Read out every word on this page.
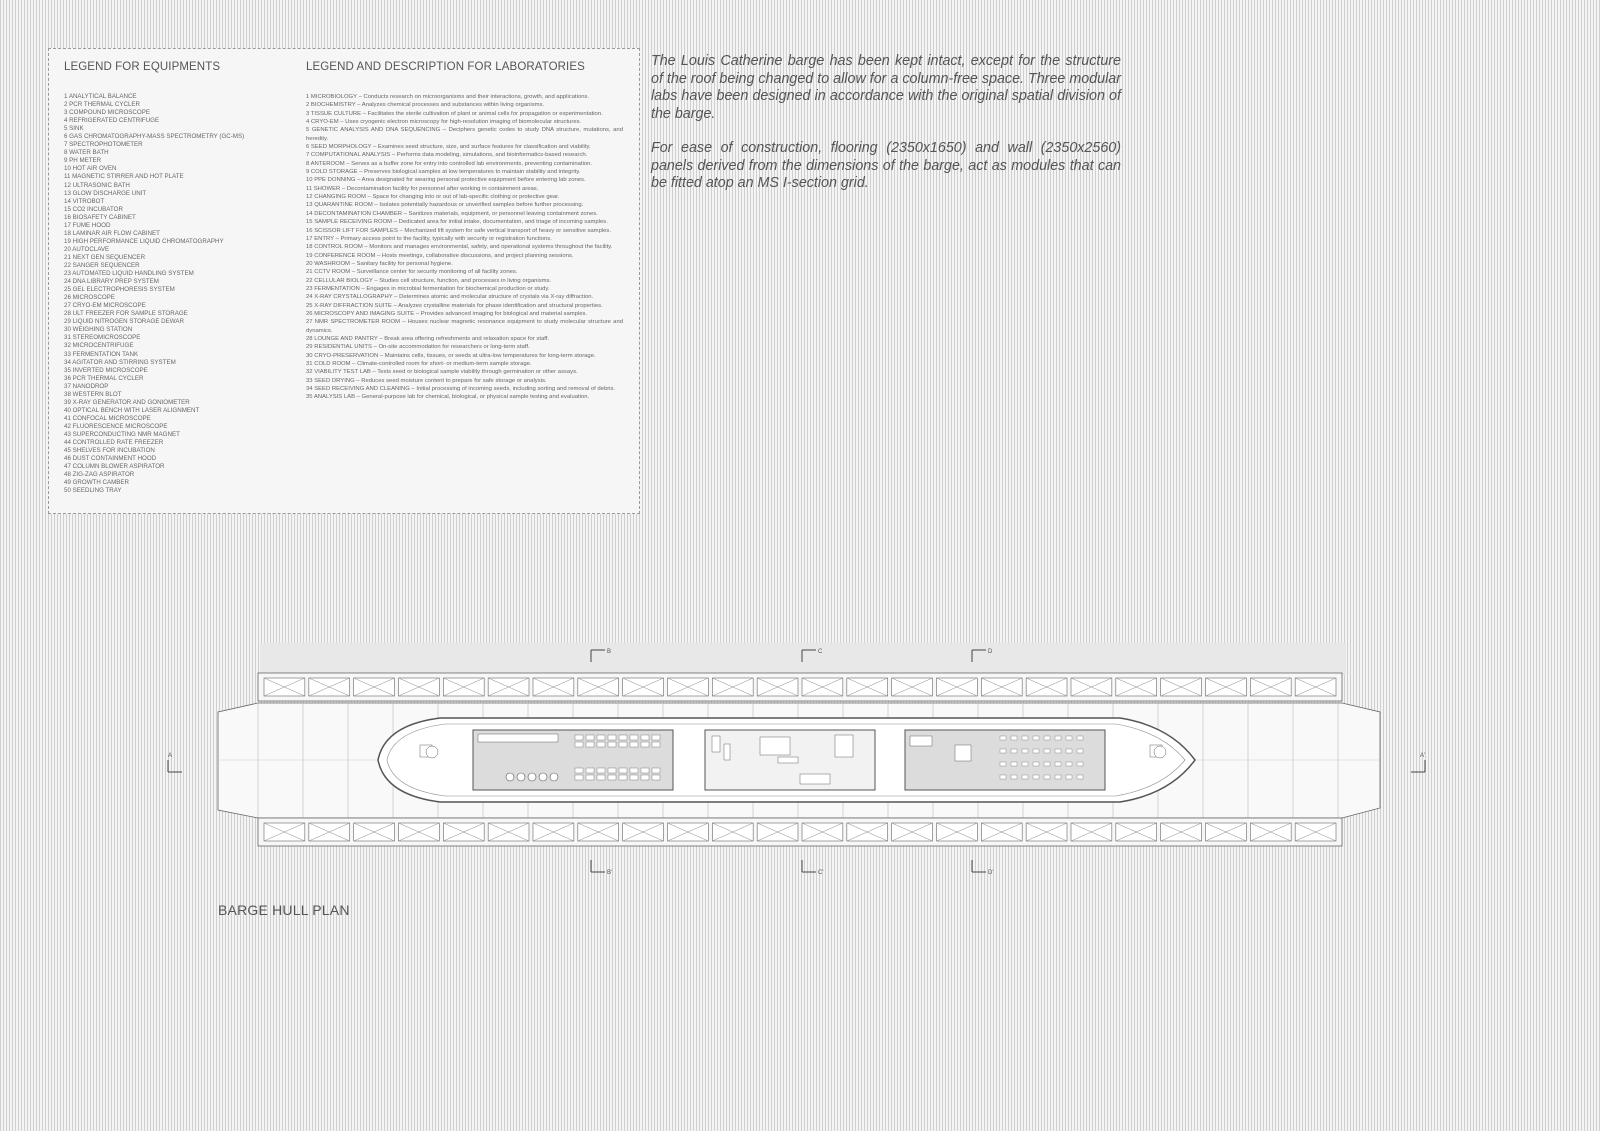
LEGEND FOR EQUIPMENTS
1 ANALYTICAL BALANCE
2 PCR THERMAL CYCLER
3 COMPOUND MICROSCOPE
4 REFRIGERATED CENTRIFUGE
5 SINK
6 GAS CHROMATOGRAPHY-MASS SPECTROMETRY (GC-MS)
7 SPECTROPHOTOMETER
8 WATER BATH
9 PH METER
10 HOT AIR OVEN
11 MAGNETIC STIRRER AND HOT PLATE
12 ULTRASONIC BATH
13 GLOW DISCHARGE UNIT
14 VITROBOT
15 CO2 INCUBATOR
16 BIOSAFETY CABINET
17 FUME HOOD
18 LAMINAR AIR FLOW CABINET
19 HIGH PERFORMANCE LIQUID CHROMATOGRAPHY
20 AUTOCLAVE
21 NEXT GEN SEQUENCER
22 SANGER SEQUENCER
23 AUTOMATED LIQUID HANDLING SYSTEM
24 DNA LIBRARY PREP SYSTEM
25 GEL ELECTROPHORESIS SYSTEM
26 MICROSCOPE
27 CRYO-EM MICROSCOPE
28 ULT FREEZER FOR SAMPLE STORAGE
29 LIQUID NITROGEN STORAGE DEWAR
30 WEIGHING STATION
31 STEREOMICROSCOPE
32 MICROCENTRIFUGE
33 FERMENTATION TANK
34 AGITATOR AND STIRRING SYSTEM
35 INVERTED MICROSCOPE
36 PCR THERMAL CYCLER
37 NANODROP
38 WESTERN BLOT
39 X-RAY GENERATOR AND GONIOMETER
40 OPTICAL BENCH WITH LASER ALIGNMENT
41 CONFOCAL MICROSCOPE
42 FLUORESCENCE MICROSCOPE
43 SUPERCONDUCTING NMR MAGNET
44 CONTROLLED RATE FREEZER
45 SHELVES FOR INCUBATION
46 DUST CONTAINMENT HOOD
47 COLUMN BLOWER ASPIRATOR
48 ZIG-ZAG ASPIRATOR
49 GROWTH CAMBER
50 SEEDLING TRAY
LEGEND AND DESCRIPTION FOR LABORATORIES
1 MICROBIOLOGY – Conducts research on microorganisms and their interactions, growth, and applications.
2 BIOCHEMISTRY – Analyzes chemical processes and substances within living organisms.
3 TISSUE CULTURE – Facilitates the sterile cultivation of plant or animal cells for propagation or experimentation.
4 CRYO-EM – Uses cryogenic electron microscopy for high-resolution imaging of biomolecular structures.
5 GENETIC ANALYSIS AND DNA SEQUENCING – Deciphers genetic codes to study DNA structure, mutations, and heredity.
6 SEED MORPHOLOGY – Examines seed structure, size, and surface features for classification and viability.
7 COMPUTATIONAL ANALYSIS – Performs data modeling, simulations, and bioinformatics-based research.
8 ANTEROOM – Serves as a buffer zone for entry into controlled lab environments, preventing contamination.
9 COLD STORAGE – Preserves biological samples at low temperatures to maintain stability and integrity.
10 PPE DONNING – Area designated for wearing personal protective equipment before entering lab zones.
11 SHOWER – Decontamination facility for personnel after working in containment areas.
12 CHANGING ROOM – Space for changing into or out of lab-specific clothing or protective gear.
13 QUARANTINE ROOM – Isolates potentially hazardous or unverified samples before further processing.
14 DECONTAMINATION CHAMBER – Sanitizes materials, equipment, or personnel leaving containment zones.
15 SAMPLE RECEIVING ROOM – Dedicated area for initial intake, documentation, and triage of incoming samples.
16 SCISSOR LIFT FOR SAMPLES – Mechanized lift system for safe vertical transport of heavy or sensitive samples.
17 ENTRY – Primary access point to the facility, typically with security or registration functions.
18 CONTROL ROOM – Monitors and manages environmental, safety, and operational systems throughout the facility.
19 CONFERENCE ROOM – Hosts meetings, collaborative discussions, and project planning sessions.
20 WASHROOM – Sanitary facility for personal hygiene.
21 CCTV ROOM – Surveillance center for security monitoring of all facility zones.
22 CELLULAR BIOLOGY – Studies cell structure, function, and processes in living organisms.
23 FERMENTATION – Engages in microbial fermentation for biochemical production or study.
24 X-RAY CRYSTALLOGRAPHY – Determines atomic and molecular structure of crystals via X-ray diffraction.
25 X-RAY DIFFRACTION SUITE – Analyzes crystalline materials for phase identification and structural properties.
26 MICROSCOPY AND IMAGING SUITE – Provides advanced imaging for biological and material samples.
27 NMR SPECTROMETER ROOM – Houses nuclear magnetic resonance equipment to study molecular structure and dynamics.
28 LOUNGE AND PANTRY – Break area offering refreshments and relaxation space for staff.
29 RESIDENTIAL UNITS – On-site accommodation for researchers or long-term staff.
30 CRYO-PRESERVATION – Maintains cells, tissues, or seeds at ultra-low temperatures for long-term storage.
31 COLD ROOM – Climate-controlled room for short- or medium-term sample storage.
32 VIABILITY TEST LAB – Tests seed or biological sample viability through germination or other assays.
33 SEED DRYING – Reduces seed moisture content to prepare for safe storage or analysis.
34 SEED RECEIVING AND CLEANING – Initial processing of incoming seeds, including sorting and removal of debris.
35 ANALYSIS LAB – General-purpose lab for chemical, biological, or physical sample testing and evaluation.

The Louis Catherine barge has been kept intact, except for the structure of the roof being changed to allow for a column-free space. Three modular labs have been designed in accordance with the original spatial division of the barge.

For ease of construction, flooring (2350x1650) and wall (2350x2560) panels derived from the dimensions of the barge, act as modules that can be fitted atop an MS I-section grid.

B	C	D
B'	C'	D'
A	A'
BARGE HULL PLAN
